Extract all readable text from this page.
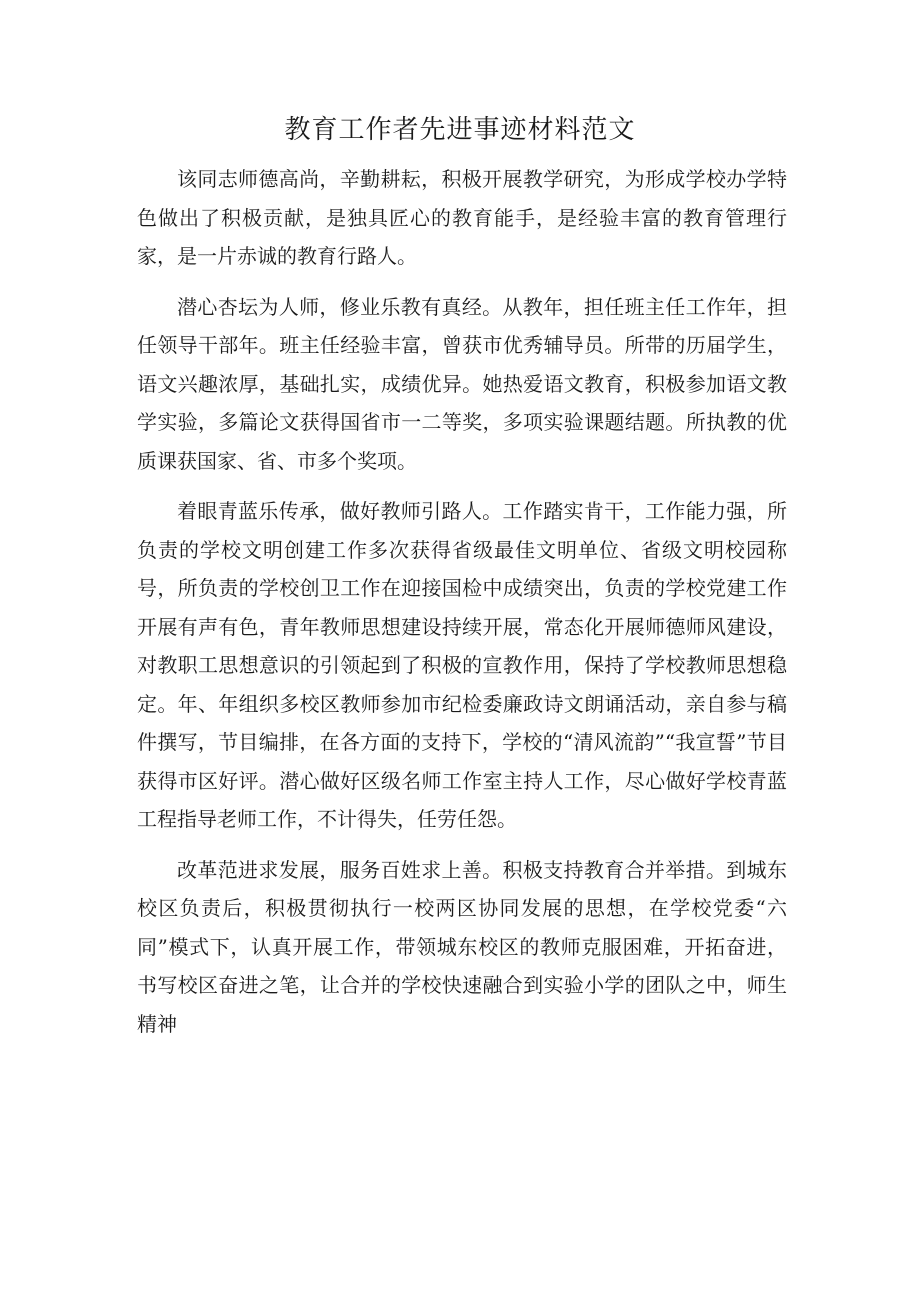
教育工作者先进事迹材料范文

该同志师德高尚，辛勤耕耘，积极开展教学研究，为形成学校办学特色做出了积极贡献，是独具匠心的教育能手，是经验丰富的教育管理行家，是一片赤诚的教育行路人。

潜心杏坛为人师，修业乐教有真经。从教年，担任班主任工作年，担任领导干部年。班主任经验丰富，曾获市优秀辅导员。所带的历届学生，语文兴趣浓厚，基础扎实，成绩优异。她热爱语文教育，积极参加语文教学实验，多篇论文获得国省市一二等奖，多项实验课题结题。所执教的优质课获国家、省、市多个奖项。

着眼青蓝乐传承，做好教师引路人。工作踏实肯干，工作能力强，所负责的学校文明创建工作多次获得省级最佳文明单位、省级文明校园称号，所负责的学校创卫工作在迎接国检中成绩突出，负责的学校党建工作开展有声有色，青年教师思想建设持续开展，常态化开展师德师风建设，对教职工思想意识的引领起到了积极的宣教作用，保持了学校教师思想稳定。年、年组织多校区教师参加市纪检委廉政诗文朗诵活动，亲自参与稿件撰写，节目编排，在各方面的支持下，学校的“清风流韵”“我宣誓”节目获得市区好评。潜心做好区级名师工作室主持人工作，尽心做好学校青蓝工程指导老师工作，不计得失，任劳任怨。

改革范进求发展，服务百姓求上善。积极支持教育合并举措。到城东校区负责后，积极贯彻执行一校两区协同发展的思想，在学校党委“六同”模式下，认真开展工作，带领城东校区的教师克服困难，开拓奋进，书写校区奋进之笔，让合并的学校快速融合到实验小学的团队之中，师生精神
